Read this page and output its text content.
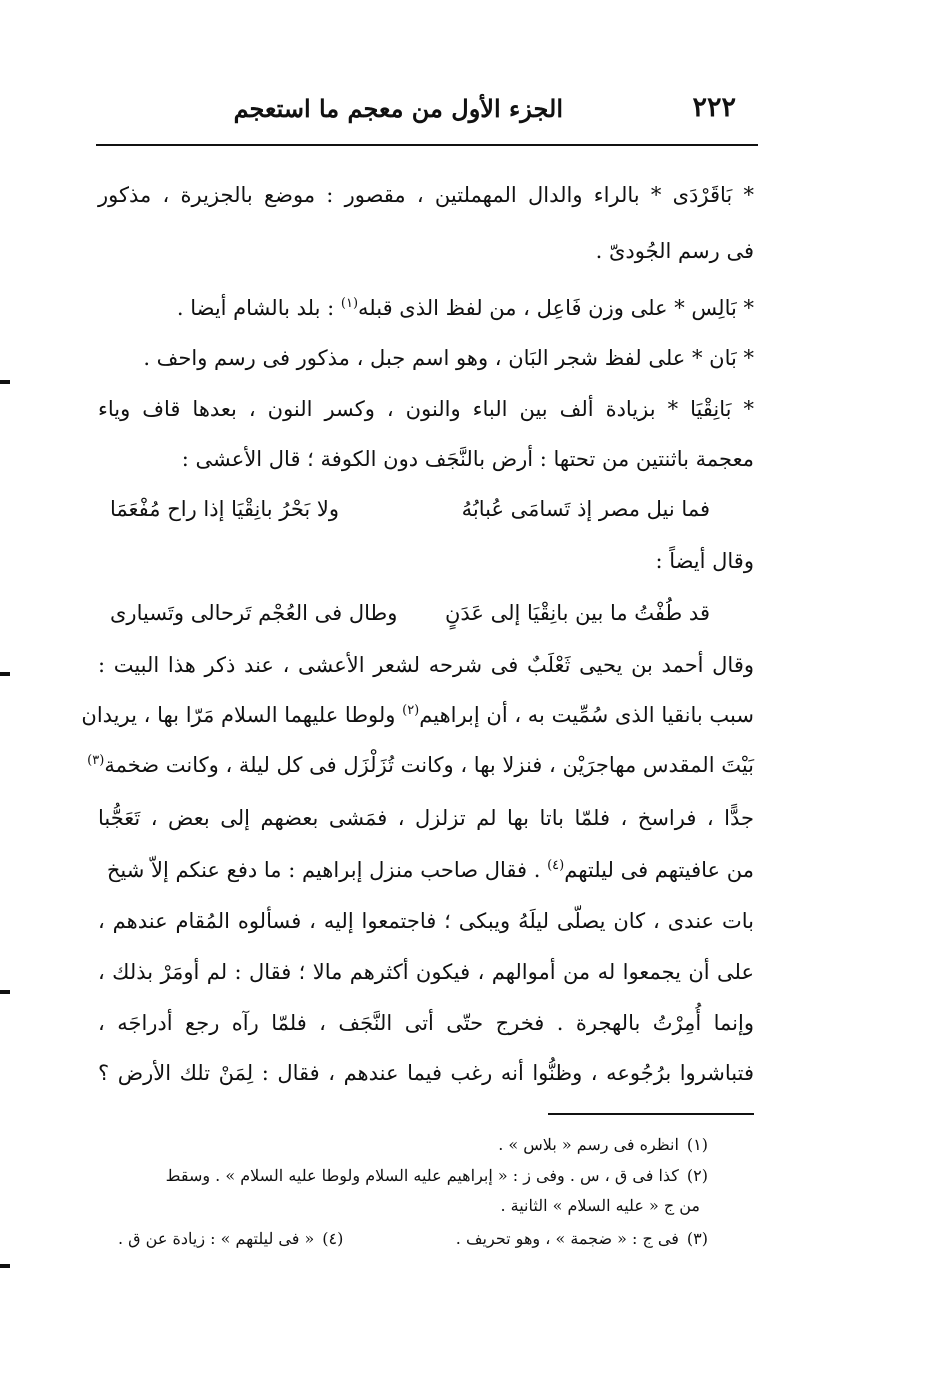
٢٢٢
الجزء الأول من معجم ما استعجم
* بَاقَرْدَى * بالراء والدال المهملتين ، مقصور : موضع بالجزيرة ، مذكور
فى رسم الجُودىّ .
* بَالِس * على وزن فَاعِل ، من لفظ الذى قبله$^{(١)}$ : بلد بالشام أيضا .
* بَان * على لفظ شجر البَان ، وهو اسم جبل ، مذكور فى رسم واحف .
* بَانِقْيَا * بزيادة ألف بين الباء والنون ، وكسر النون ، بعدها قاف وياء
معجمة باثنتين من تحتها : أرض بالنَّجَف دون الكوفة ؛ قال الأعشى :
فما نيل مصر إذ تَسامَى عُبابُهُ
ولا بَحْرُ بانِقْيَا إذا راح مُفْعَمَا
وقال أيضاً :
قد طُفْتُ ما بين بانِقْيَا إلى عَدَنٍ
وطال فى العُجْم تَرحالى وتَسيارى
وقال أحمد بن يحيى ثَعْلَبٌ فى شرحه لشعر الأعشى ، عند ذكر هذا البيت :
سبب بانقيا الذى سُمِّيت به ، أن إبراهيم$^{(٢)}$ ولوطا عليهما السلام مَرّا بها ، يريدان
بَيْتَ المقدس مهاجرَيْن ، فنزلا بها ، وكانت تُزَلْزَل فى كل ليلة ، وكانت ضخمة$^{(٣)}$
جدًّا ، فراسخ ، فلمّا باتا بها لم تزلزل ، فمَشى بعضهم إلى بعض ، تَعَجُّبا
من عافيتهم فى ليلتهم$^{(٤)}$ . فقال صاحب منزل إبراهيم : ما دفع عنكم إلاّ شيخ
بات عندى ، كان يصلّى ليلَهُ ويبكى ؛ فاجتمعوا إليه ، فسألوه المُقام عندهم ،
على أن يجمعوا له من أموالهم ، فيكون أكثرهم مالا ؛ فقال : لم أومَرْ بذلك ،
وإنما أُمِرْتُ بالهجرة . فخرج حتّى أتى النَّجَف ، فلمّا رآه رجع أدراجَه ،
فتباشروا برُجُوعه ، وظنُّوا أنه رغب فيما عندهم ، فقال : لِمَنْ تلك الأرض ؟
(١)انظره فى رسم « بلاس » .
(٢)كذا فى ق ، س . وفى ز : « إبراهيم عليه السلام ولوطا عليه السلام » . وسقط
من ج « عليه السلام » الثانية .
(٣)فى ج : « ضجمة » ، وهو تحريف .
(٤)« فى ليلتهم » : زيادة عن ق .
